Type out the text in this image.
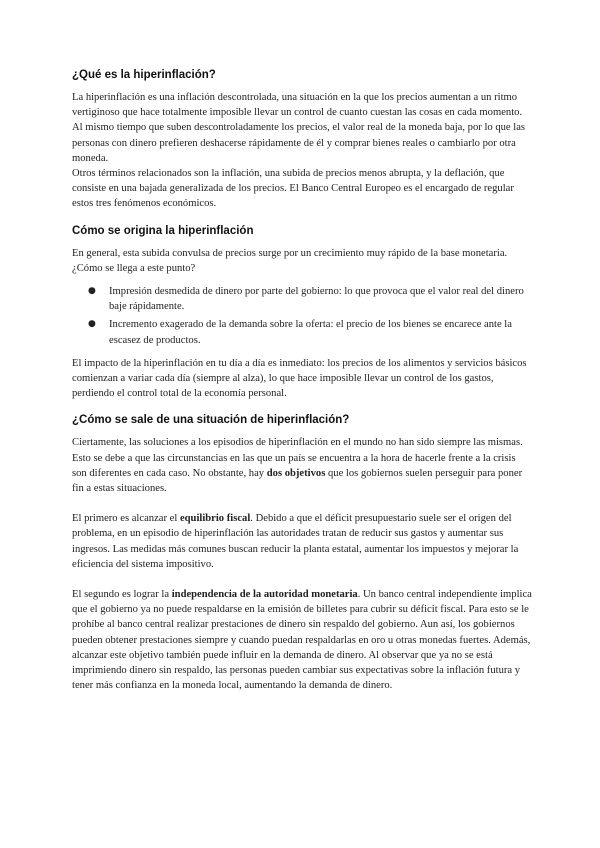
¿Qué es la hiperinflación?

La hiperinflación es una inflación descontrolada, una situación en la que los precios aumentan a un ritmo vertiginoso que hace totalmente imposible llevar un control de cuanto cuestan las cosas en cada momento.

Al mismo tiempo que suben descontroladamente los precios, el valor real de la moneda baja, por lo que las personas con dinero prefieren deshacerse rápidamente de él y comprar bienes reales o cambiarlo por otra moneda.

Otros términos relacionados son la inflación, una subida de precios menos abrupta, y la deflación, que consiste en una bajada generalizada de los precios. El Banco Central Europeo es el encargado de regular estos tres fenómenos económicos.

Cómo se origina la hiperinflación

En general, esta subida convulsa de precios surge por un crecimiento muy rápido de la base monetaria. ¿Cómo se llega a este punto?

● Impresión desmedida de dinero por parte del gobierno: lo que provoca que el valor real del dinero baje rápidamente.
● Incremento exagerado de la demanda sobre la oferta: el precio de los bienes se encarece ante la escasez de productos.

El impacto de la hiperinflación en tu día a día es inmediato: los precios de los alimentos y servicios básicos comienzan a variar cada día (siempre al alza), lo que hace imposible llevar un control de los gastos, perdiendo el control total de la economía personal.

¿Cómo se sale de una situación de hiperinflación?

Ciertamente, las soluciones a los episodios de hiperinflación en el mundo no han sido siempre las mismas. Esto se debe a que las circunstancias en las que un país se encuentra a la hora de hacerle frente a la crisis son diferentes en cada caso. No obstante, hay dos objetivos que los gobiernos suelen perseguir para poner fin a estas situaciones.

El primero es alcanzar el equilibrio fiscal. Debido a que el déficit presupuestario suele ser el origen del problema, en un episodio de hiperinflación las autoridades tratan de reducir sus gastos y aumentar sus ingresos. Las medidas más comunes buscan reducir la planta estatal, aumentar los impuestos y mejorar la eficiencia del sistema impositivo.

El segundo es lograr la independencia de la autoridad monetaria. Un banco central independiente implica que el gobierno ya no puede respaldarse en la emisión de billetes para cubrir su déficit fiscal. Para esto se le prohíbe al banco central realizar prestaciones de dinero sin respaldo del gobierno. Aun así, los gobiernos pueden obtener prestaciones siempre y cuando puedan respaldarlas en oro u otras monedas fuertes. Además, alcanzar este objetivo también puede influir en la demanda de dinero. Al observar que ya no se está imprimiendo dinero sin respaldo, las personas pueden cambiar sus expectativas sobre la inflación futura y tener más confianza en la moneda local, aumentando la demanda de dinero.
